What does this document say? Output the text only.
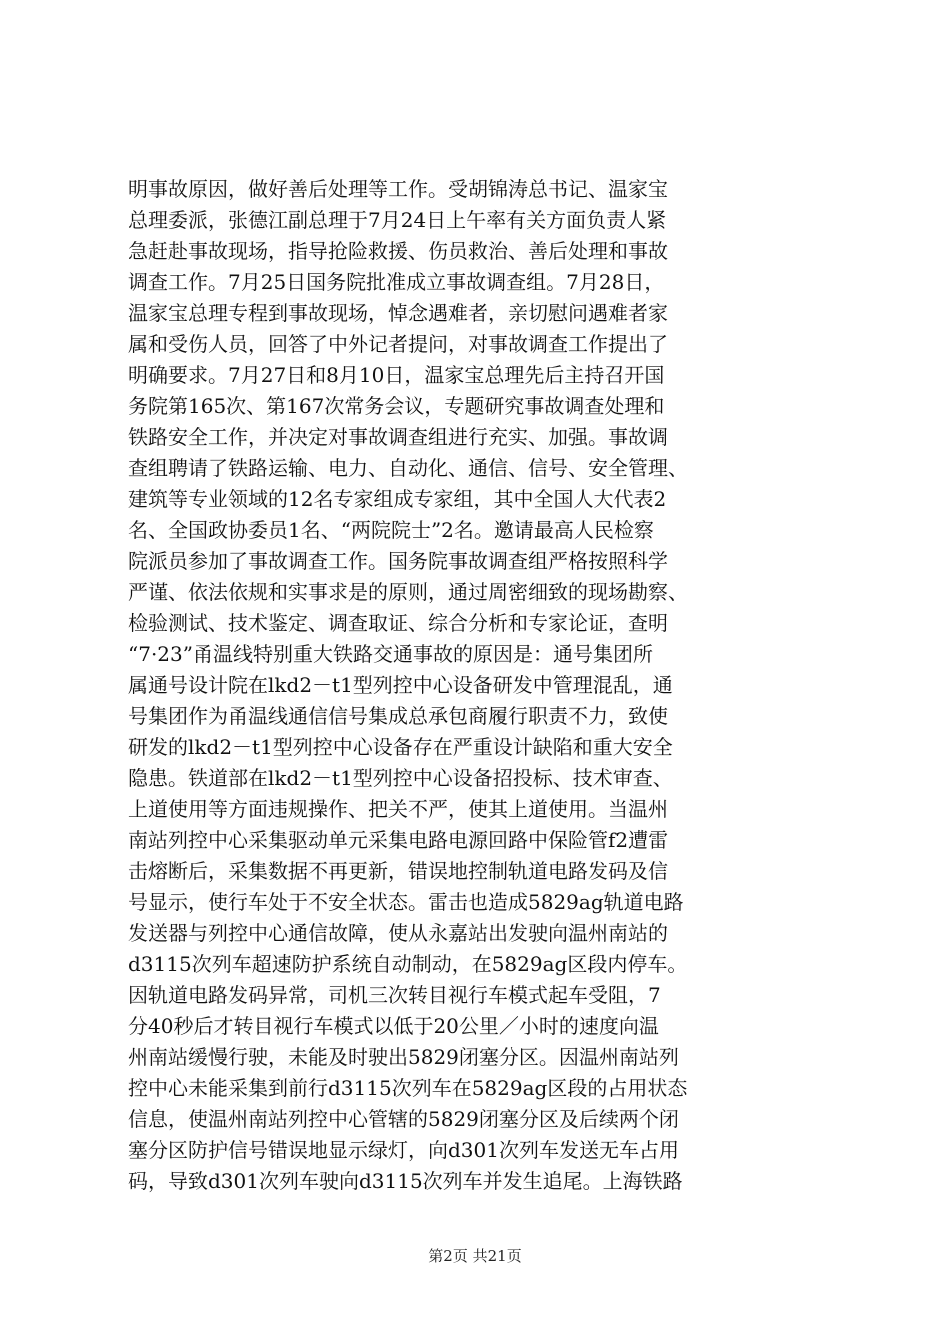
明事故原因，做好善后处理等工作。受胡锦涛总书记、温家宝
总理委派，张德江副总理于7月24日上午率有关方面负责人紧
急赶赴事故现场，指导抢险救援、伤员救治、善后处理和事故
调查工作。7月25日国务院批准成立事故调查组。7月28日，
温家宝总理专程到事故现场，悼念遇难者，亲切慰问遇难者家
属和受伤人员，回答了中外记者提问，对事故调查工作提出了
明确要求。7月27日和8月10日，温家宝总理先后主持召开国
务院第165次、第167次常务会议，专题研究事故调查处理和
铁路安全工作，并决定对事故调查组进行充实、加强。事故调
查组聘请了铁路运输、电力、自动化、通信、信号、安全管理、
建筑等专业领域的12名专家组成专家组，其中全国人大代表2
名、全国政协委员1名、“两院院士”2名。邀请最高人民检察
院派员参加了事故调查工作。国务院事故调查组严格按照科学
严谨、依法依规和实事求是的原则，通过周密细致的现场勘察、
检验测试、技术鉴定、调查取证、综合分析和专家论证，查明
“7·23”甬温线特别重大铁路交通事故的原因是：通号集团所
属通号设计院在lkd2－t1型列控中心设备研发中管理混乱，通
号集团作为甬温线通信信号集成总承包商履行职责不力，致使
研发的lkd2－t1型列控中心设备存在严重设计缺陷和重大安全
隐患。铁道部在lkd2－t1型列控中心设备招投标、技术审查、
上道使用等方面违规操作、把关不严，使其上道使用。当温州
南站列控中心采集驱动单元采集电路电源回路中保险管f2遭雷
击熔断后，采集数据不再更新，错误地控制轨道电路发码及信
号显示，使行车处于不安全状态。雷击也造成5829ag轨道电路
发送器与列控中心通信故障，使从永嘉站出发驶向温州南站的
d3115次列车超速防护系统自动制动，在5829ag区段内停车。
因轨道电路发码异常，司机三次转目视行车模式起车受阻，7
分40秒后才转目视行车模式以低于20公里／小时的速度向温
州南站缓慢行驶，未能及时驶出5829闭塞分区。因温州南站列
控中心未能采集到前行d3115次列车在5829ag区段的占用状态
信息，使温州南站列控中心管辖的5829闭塞分区及后续两个闭
塞分区防护信号错误地显示绿灯，向d301次列车发送无车占用
码，导致d301次列车驶向d3115次列车并发生追尾。上海铁路
第2页 共21页
